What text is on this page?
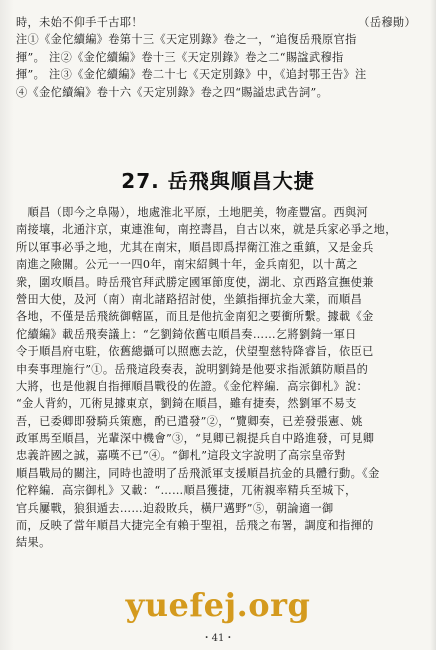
時，未始不仰手千古耶！	（岳穆勛）
注①《金佗續編》卷第十三《天定別錄》卷之一，“追復岳飛原官指
揮”。 注②《金佗續編》卷十三《天定別錄》卷之二“賜諡武穆指
揮”。 注③《金佗續編》卷二十七《天定別錄》中，《追封鄂王告》注
④《金佗續編》卷十六《天定別錄》卷之四“賜謚忠武告詞”。
27. 岳飛與順昌大捷
　順昌（即今之阜陽），地處淮北平原，土地肥美，物產豐富。西與河
南接壤，北通汴京，東連淮甸，南控壽昌，自古以來，就是兵家必爭之地，
所以軍事必爭之地，尤其在南宋，順昌即爲捍衛江淮之重鎮，又是金兵
南進之險關。公元一一四0年，南宋紹興十年，金兵南犯，以十萬之
衆，圍攻順昌。時岳飛官拜武勝定國軍節度使，湖北、京西路宣撫使兼
營田大使，及河（南）南北諸路招討使，坐鎮指揮抗金大業，而順昌
各地，不僅是岳飛統御轄區，而且是他抗金南犯之要衝所繫。據載《金
佗續編》載岳飛奏議上：“乞劉錡依舊屯順昌奏……乞將劉錡一軍日
令于順昌府屯駐，依舊總攝可以照應去訖，伏望聖慈特降睿旨，依臣已
申奏事理施行”①。岳飛這段奏表，說明劉錡是他要求指派鎮防順昌的
大將，也是他親自指揮順昌戰役的佐證。《金佗粹編．高宗御札》說：
“金人背約，兀術見據東京，劉錡在順昌，雖有捷奏，然劉軍不易支
吾，已委卿即發騎兵策應，酌已遣發”②，“覽卿奏，已差發張憲、姚
政軍馬至順昌，光輩深中機會”③，“見卿已親提兵自中路進發，可見卿
忠義許國之誠，嘉嘆不已”④。“御札”這段文字說明了高宗皇帝對
順昌戰局的關注，同時也證明了岳飛派軍支援順昌抗金的具體行動。《金
佗粹編．高宗御札》又載：“……順昌獲捷，兀術親率精兵至城下，
官兵屢戰，狼狽遁去……迫殺敗兵，橫尸邁野”⑤，朝論適一御
而，反映了當年順昌大捷完全有賴于聖祖，岳飛之布署，調度和指揮的
結果。
yuefej.org
・41・
